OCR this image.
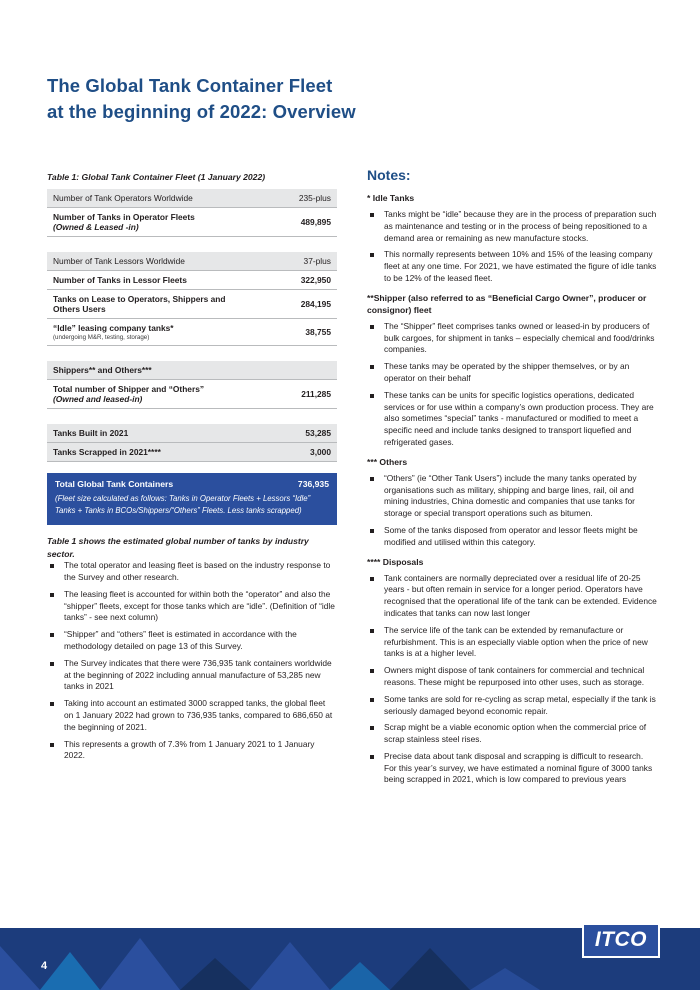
The Global Tank Container Fleet
at the beginning of 2022: Overview
Table 1: Global Tank Container Fleet (1 January 2022)
Number of Tank Operators Worldwide	235-plus
Number of Tanks in Operator Fleets
(Owned & Leased -in)	489,895

Number of Tank Lessors Worldwide	37-plus
Number of Tanks in Lessor Fleets	322,950
Tanks on Lease to Operators, Shippers and Others Users	284,195
“Idle” leasing company tanks*
(undergoing M&R, testing, storage)	38,755

Shippers** and Others***	
Total number of Shipper and “Others”
(Owned and leased-in)	211,285

Tanks Built in 2021	53,285
Tanks Scrapped in 2021****	3,000
Total Global Tank Containers	736,935
(Fleet size calculated as follows: Tanks in Operator Fleets + Lessors “Idle” Tanks + Tanks in BCOs/Shippers/“Others” Fleets. Less tanks scrapped)
Table 1 shows the estimated global number of tanks by industry sector.
The total operator and leasing fleet is based on the industry response to the Survey and other research.
The leasing fleet is accounted for within both the “operator” and also the “shipper” fleets, except for those tanks which are “idle”. (Definition of “idle tanks” - see next column)
“Shipper” and “others” fleet is estimated in accordance with the methodology detailed on page 13 of this Survey.
The Survey indicates that there were 736,935 tank containers worldwide at the beginning of 2022 including annual manufacture of 53,285 new tanks in 2021
Taking into account an estimated 3000 scrapped tanks, the global fleet on 1 January 2022 had grown to 736,935 tanks, compared to 686,650 at the beginning of 2021.
This represents a growth of 7.3% from 1 January 2021 to 1 January 2022.
Notes:
* Idle Tanks
Tanks might be “idle” because they are in the process of preparation such as maintenance and testing or in the process of being repositioned to a demand area or remaining as new manufacture stocks.
This normally represents between 10% and 15% of the leasing company fleet at any one time. For 2021, we have estimated the figure of idle tanks to be 12% of the leased fleet.
**Shipper (also referred to as “Beneficial Cargo Owner”, producer or consignor) fleet
The “Shipper” fleet comprises tanks owned or leased-in by producers of bulk cargoes, for shipment in tanks – especially chemical and food/drinks companies.
These tanks may be operated by the shipper themselves, or by an operator on their behalf
These tanks can be units for specific logistics operations, dedicated services or for use within a company’s own production process. They are also sometimes “special” tanks - manufactured or modified to meet a specific need and include tanks designed to transport liquefied and refrigerated gases.
*** Others
“Others” (ie “Other Tank Users”) include the many tanks operated by organisations such as military, shipping and barge lines, rail, oil and mining industries, China domestic and companies that use tanks for storage or special transport operations such as bitumen.
Some of the tanks disposed from operator and lessor fleets might be modified and utilised within this category.
**** Disposals
Tank containers are normally depreciated over a residual life of 20-25 years - but often remain in service for a longer period. Operators have recognised that the operational life of the tank can be extended. Evidence indicates that tanks can now last longer
The service life of the tank can be extended by remanufacture or refurbishment. This is an especially viable option when the price of new tanks is at a higher level.
Owners might dispose of tank containers for commercial and technical reasons. These might be repurposed into other uses, such as storage.
Some tanks are sold for re-cycling as scrap metal, especially if the tank is seriously damaged beyond economic repair.
Scrap might be a viable economic option when the commercial price of scrap stainless steel rises.
Precise data about tank disposal and scrapping is difficult to research. For this year’s survey, we have estimated a nominal figure of 3000 tanks being scrapped in 2021, which is low compared to previous years
4
ITCO
